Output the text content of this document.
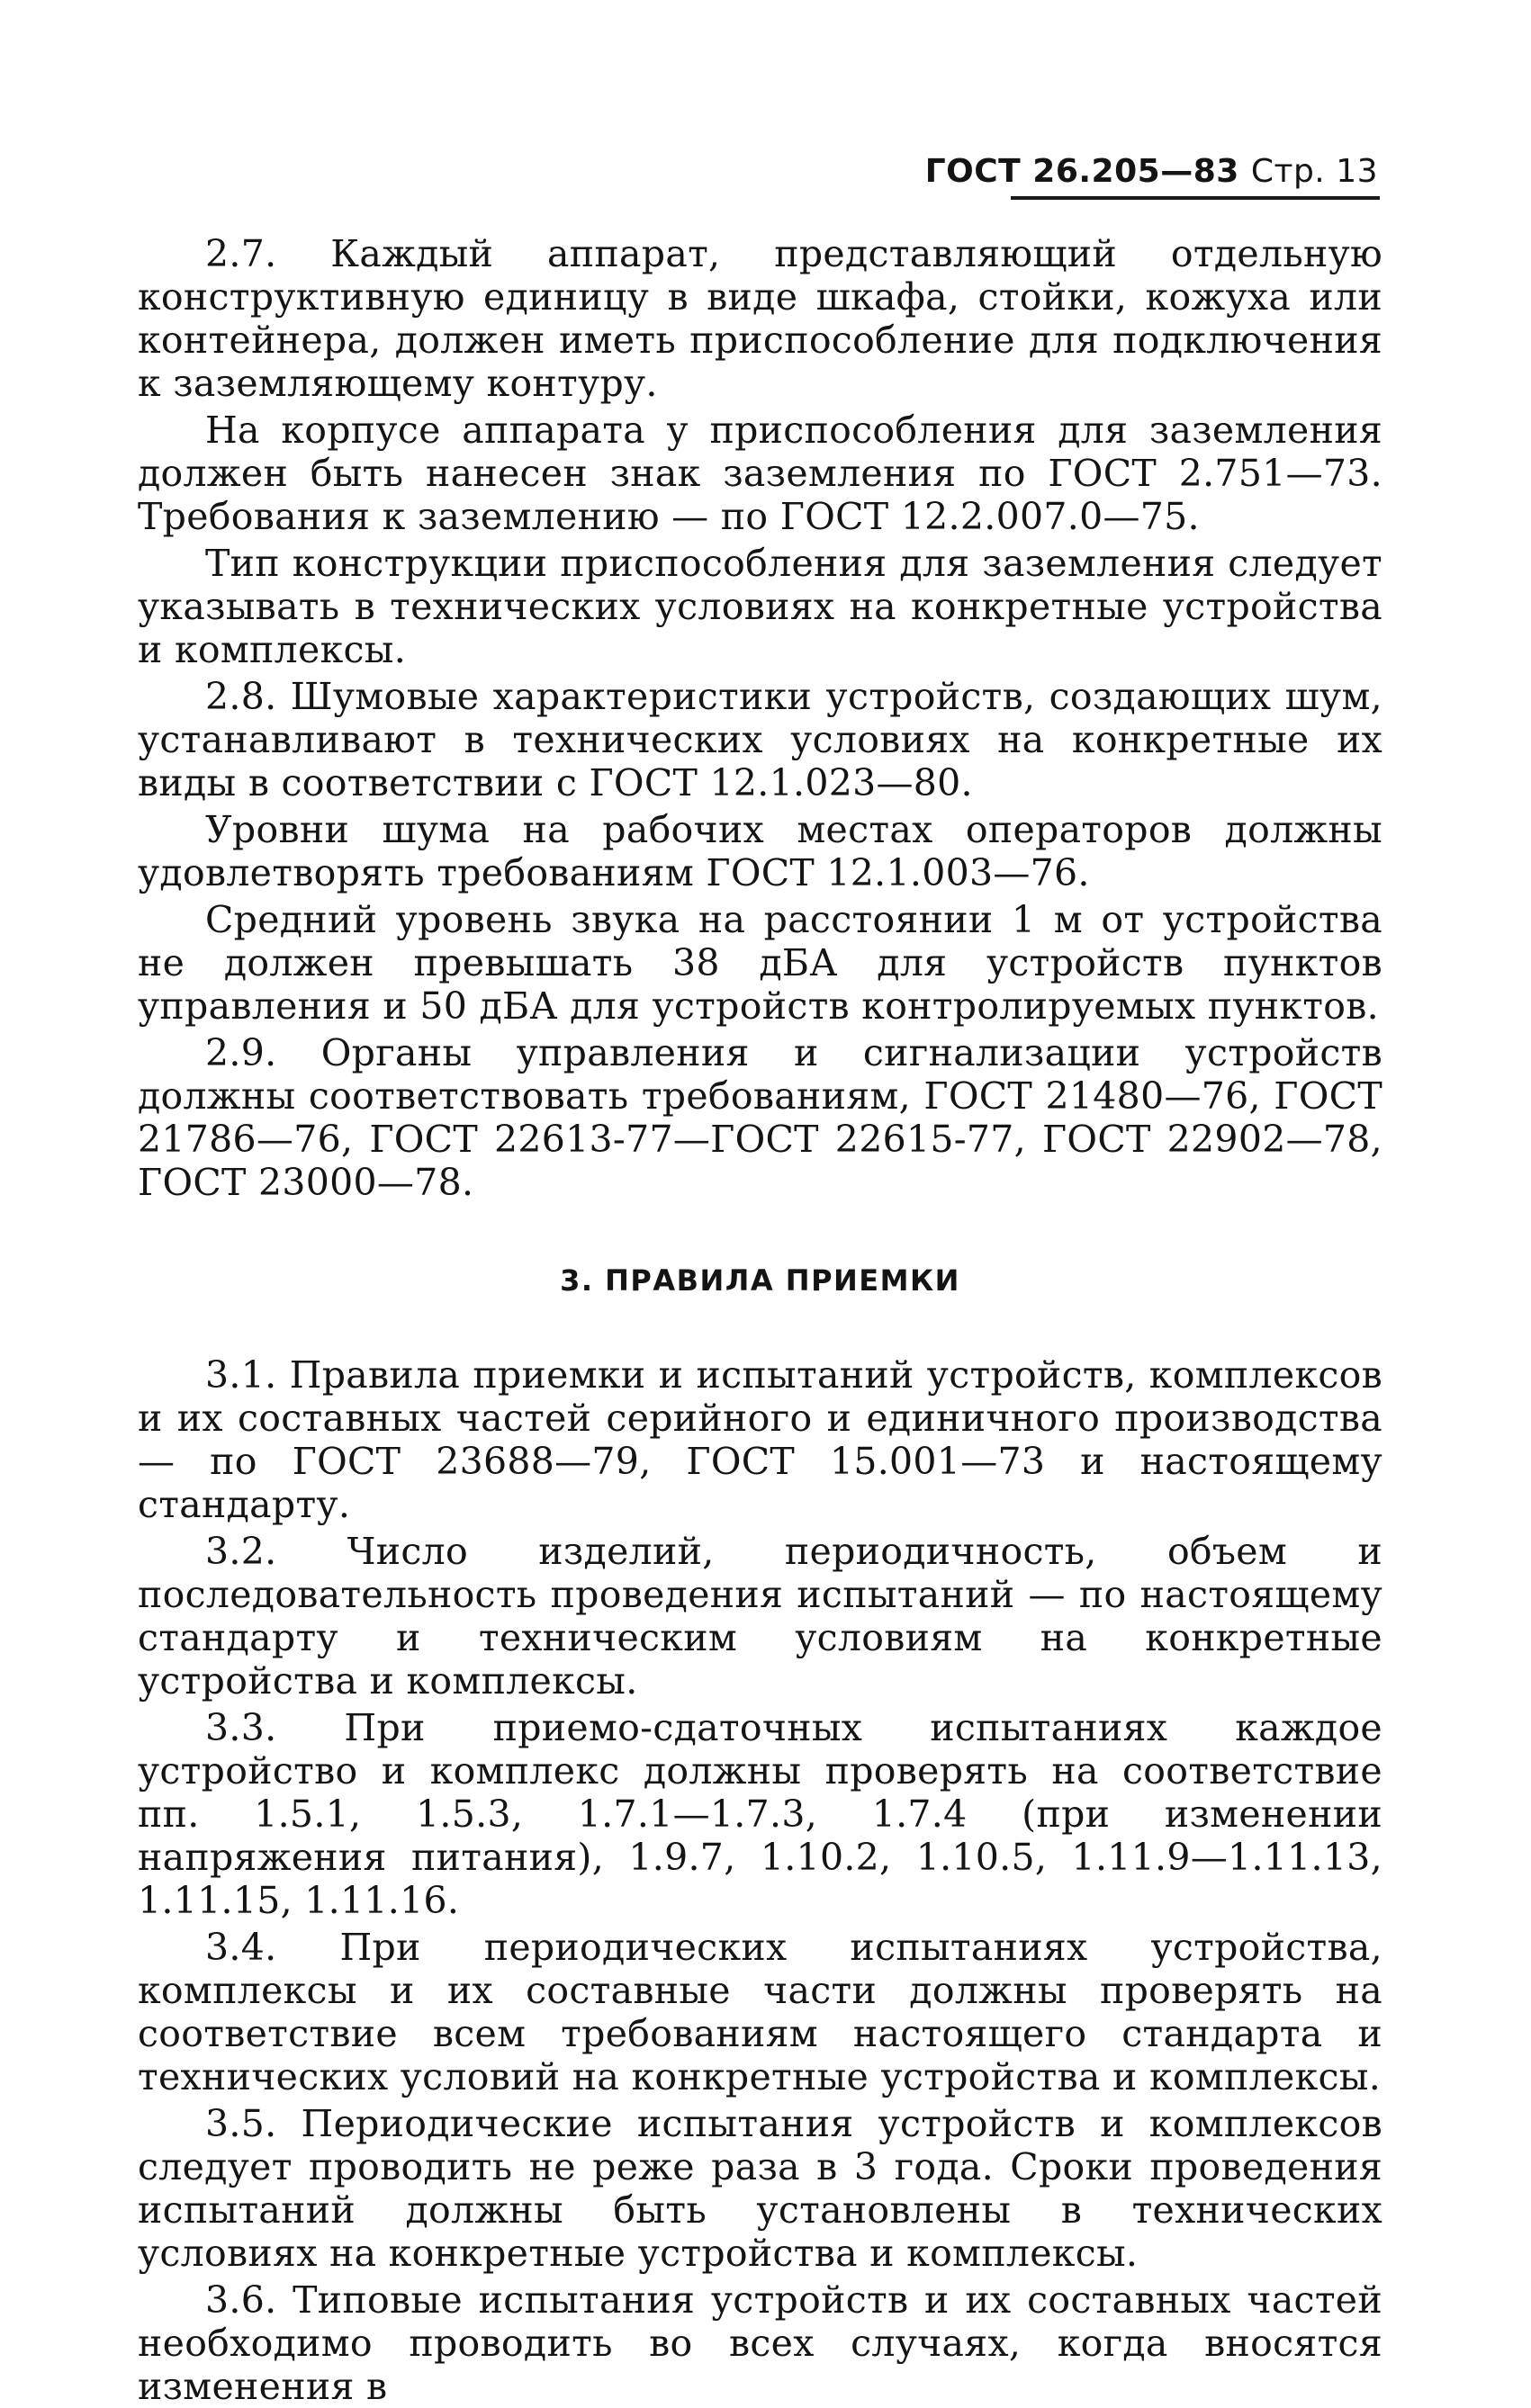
ГОСТ 26.205—83 Стр. 13

2.7. Каждый аппарат, представляющий отдельную конструктивную единицу в виде шкафа, стойки, кожуха или контейнера, должен иметь приспособление для подключения к заземляющему контуру.

На корпусе аппарата у приспособления для заземления должен быть нанесен знак заземления по ГОСТ 2.751—73. Требования к заземлению — по ГОСТ 12.2.007.0—75.

Тип конструкции приспособления для заземления следует указывать в технических условиях на конкретные устройства и комплексы.

2.8. Шумовые характеристики устройств, создающих шум, устанавливают в технических условиях на конкретные их виды в соответствии с ГОСТ 12.1.023—80.

Уровни шума на рабочих местах операторов должны удовлетворять требованиям ГОСТ 12.1.003—76.

Средний уровень звука на расстоянии 1 м от устройства не должен превышать 38 дБА для устройств пунктов управления и 50 дБА для устройств контролируемых пунктов.

2.9. Органы управления и сигнализации устройств должны соответствовать требованиям, ГОСТ 21480—76, ГОСТ 21786—76, ГОСТ 22613-77—ГОСТ 22615-77, ГОСТ 22902—78, ГОСТ 23000—78.

3. ПРАВИЛА ПРИЕМКИ

3.1. Правила приемки и испытаний устройств, комплексов и их составных частей серийного и единичного производства — по ГОСТ 23688—79, ГОСТ 15.001—73 и настоящему стандарту.

3.2. Число изделий, периодичность, объем и последовательность проведения испытаний — по настоящему стандарту и техническим условиям на конкретные устройства и комплексы.

3.3. При приемо-сдаточных испытаниях каждое устройство и комплекс должны проверять на соответствие пп. 1.5.1, 1.5.3, 1.7.1—1.7.3, 1.7.4 (при изменении напряжения питания), 1.9.7, 1.10.2, 1.10.5, 1.11.9—1.11.13, 1.11.15, 1.11.16.

3.4. При периодических испытаниях устройства, комплексы и их составные части должны проверять на соответствие всем требованиям настоящего стандарта и технических условий на конкретные устройства и комплексы.

3.5. Периодические испытания устройств и комплексов следует проводить не реже раза в 3 года. Сроки проведения испытаний должны быть установлены в технических условиях на конкретные устройства и комплексы.

3.6. Типовые испытания устройств и их составных частей необходимо проводить во всех случаях, когда вносятся изменения в
